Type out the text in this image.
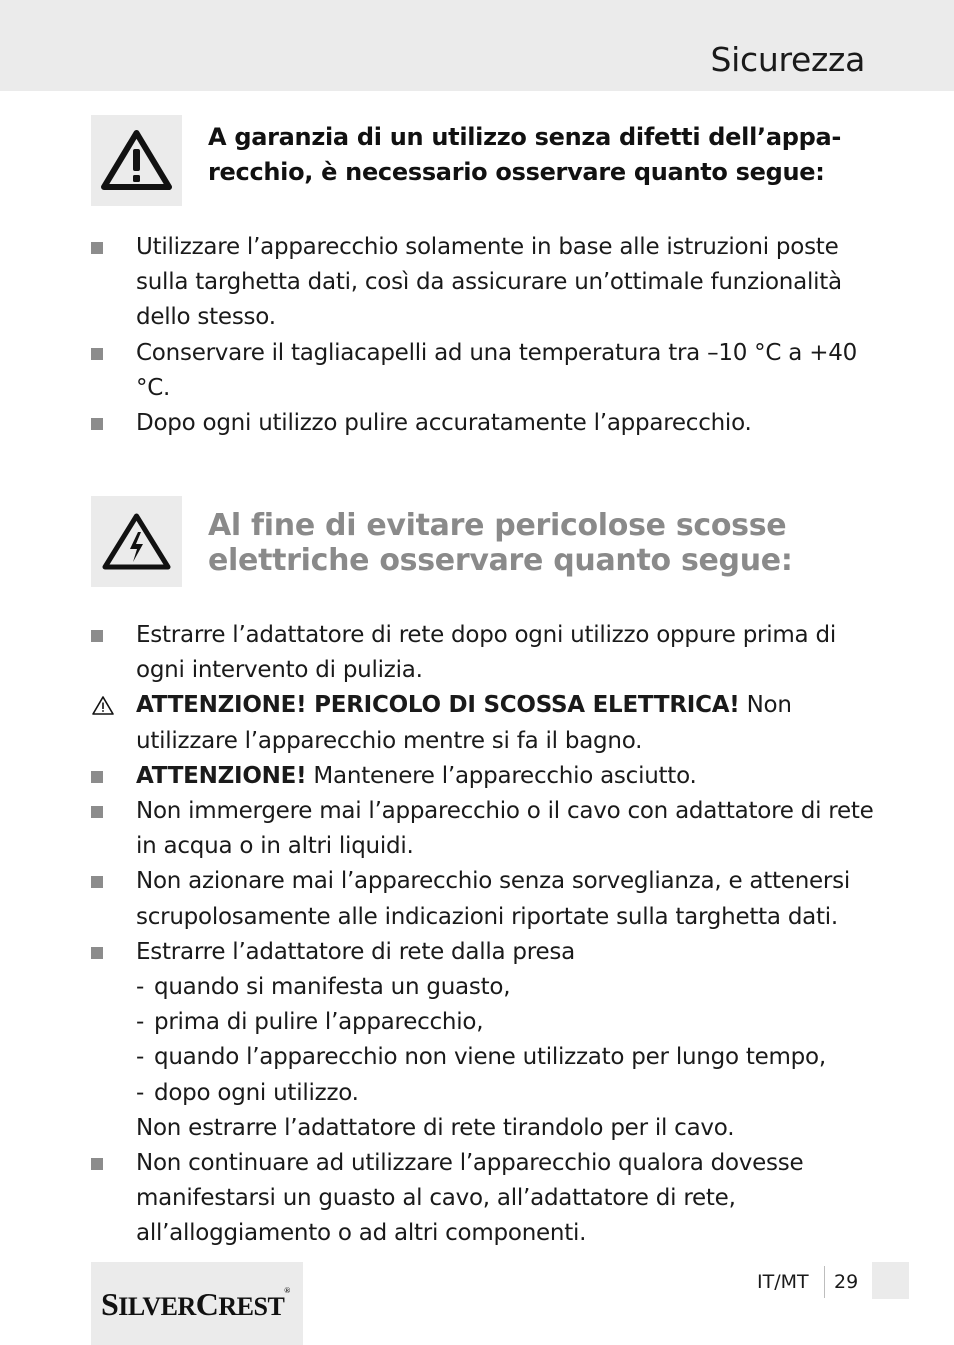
Sicurezza
A garanzia di un utilizzo senza difetti dell’appa-
recchio, è necessario osservare quanto segue:
Utilizzare l’apparecchio solamente in base alle istruzioni poste sulla targhetta dati, così da assicurare un’ottimale funzionalità dello stesso.
Conservare il tagliacapelli ad una temperatura tra –10 °C a +40 °C.
Dopo ogni utilizzo pulire accuratamente l’apparecchio.
Al fine di evitare pericolose scosse
elettriche osservare quanto segue:
Estrarre l’adattatore di rete dopo ogni utilizzo oppure prima di ogni intervento di pulizia.
ATTENZIONE! PERICOLO DI SCOSSA ELETTRICA! Non utilizzare l’apparecchio mentre si fa il bagno.
ATTENZIONE! Mantenere l’apparecchio asciutto.
Non immergere mai l’apparecchio o il cavo con adattatore di rete in acqua o in altri liquidi.
Non azionare mai l’apparecchio senza sorveglianza, e attenersi scrupolosamente alle indicazioni riportate sulla targhetta dati.
Estrarre l’adattatore di rete dalla presa
- quando si manifesta un guasto,
- prima di pulire l’apparecchio,
- quando l’apparecchio non viene utilizzato per lungo tempo,
- dopo ogni utilizzo.
Non estrarre l’adattatore di rete tirandolo per il cavo.
Non continuare ad utilizzare l’apparecchio qualora dovesse manifestarsi un guasto al cavo, all’adattatore di rete, all’alloggiamento o ad altri componenti.
SILVERCREST®	IT/MT 29
